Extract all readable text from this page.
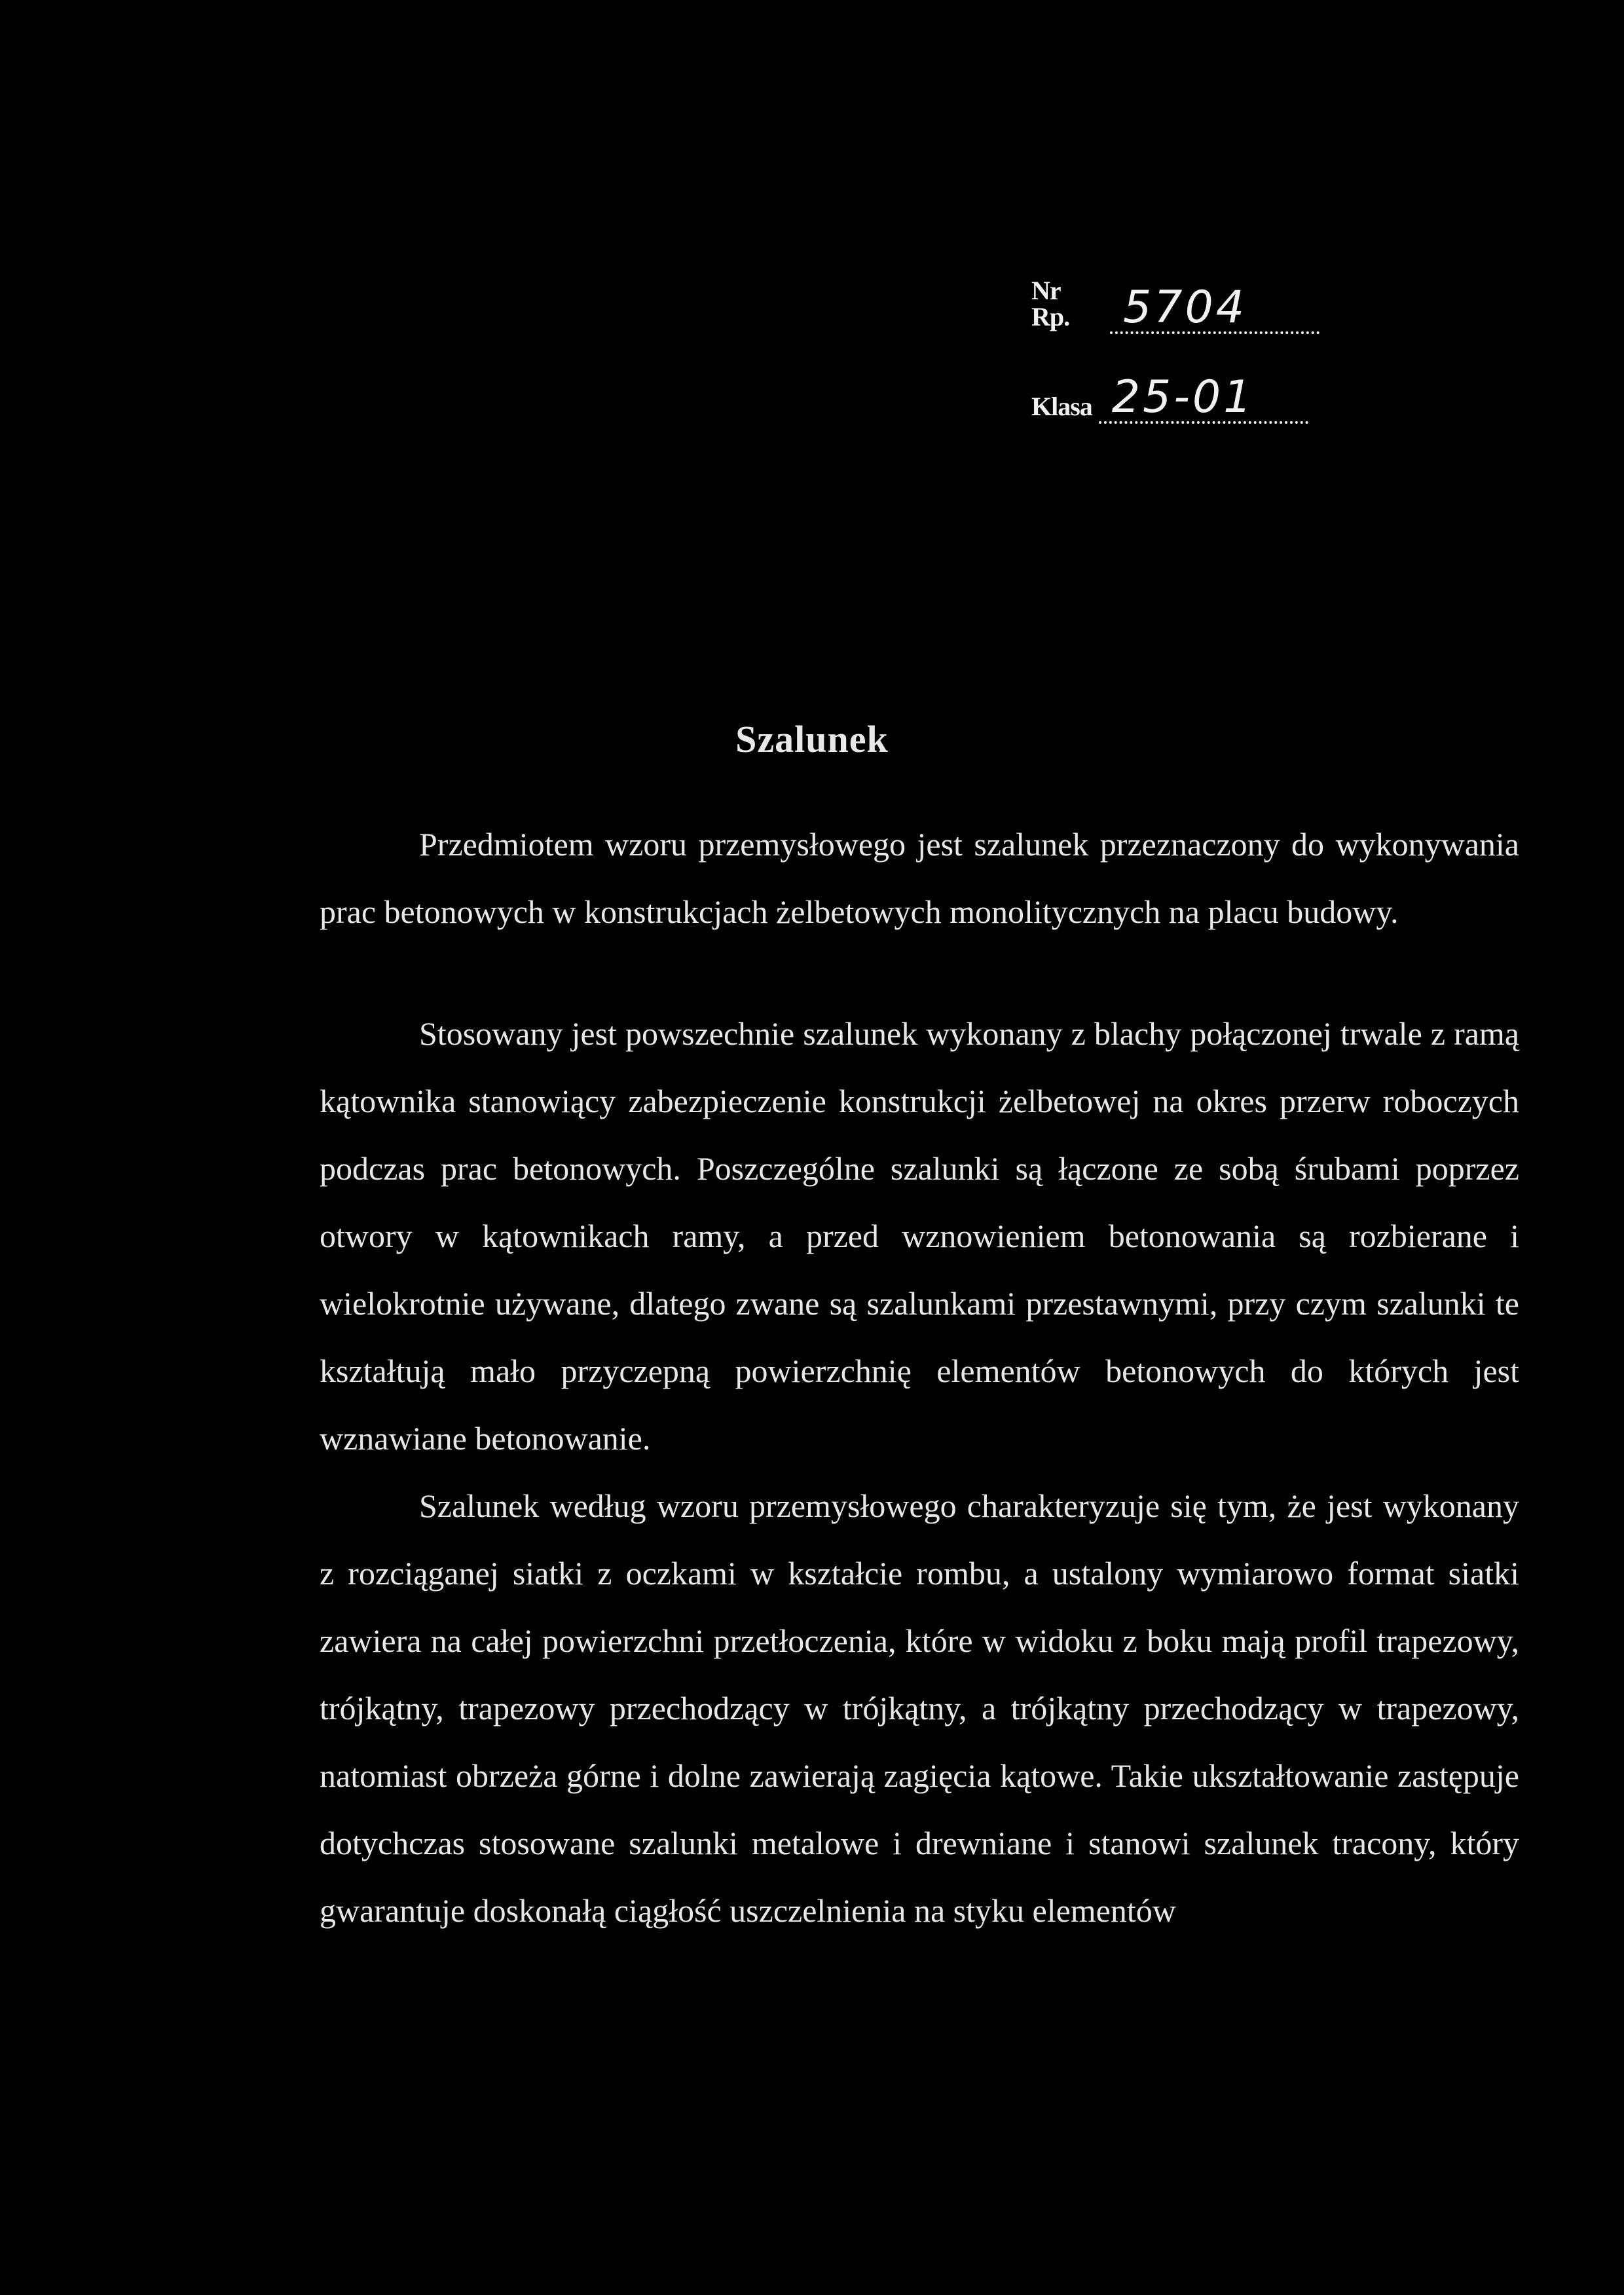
Nr Rp.	5704
Klasa 25-01
Szalunek

Przedmiotem wzoru przemysłowego jest szalunek przeznaczony do wykonywania prac betonowych w konstrukcjach żelbetowych monolitycznych na placu budowy.

Stosowany jest powszechnie szalunek wykonany z blachy połączonej trwale z ramą kątownika stanowiący zabezpieczenie konstrukcji żelbetowej na okres przerw roboczych podczas prac betonowych. Poszczególne szalunki są łączone ze sobą śrubami poprzez otwory w kątownikach ramy, a przed wznowieniem betonowania są rozbierane i wielokrotnie używane, dlatego zwane są szalunkami przestawnymi, przy czym szalunki te kształtują mało przyczepną powierzchnię elementów betonowych do których jest wznawiane betonowanie.

Szalunek według wzoru przemysłowego charakteryzuje się tym, że jest wykonany z rozciąganej siatki z oczkami w kształcie rombu, a ustalony wymiarowo format siatki zawiera na całej powierzchni przetłoczenia, które w widoku z boku mają profil trapezowy, trójkątny, trapezowy przechodzący w trójkątny, a trójkątny przechodzący w trapezowy, natomiast obrzeża górne i dolne zawierają zagięcia kątowe. Takie ukształtowanie zastępuje dotychczas stosowane szalunki metalowe i drewniane i stanowi szalunek tracony, który gwarantuje doskonałą ciągłość uszczelnienia na styku elementów
